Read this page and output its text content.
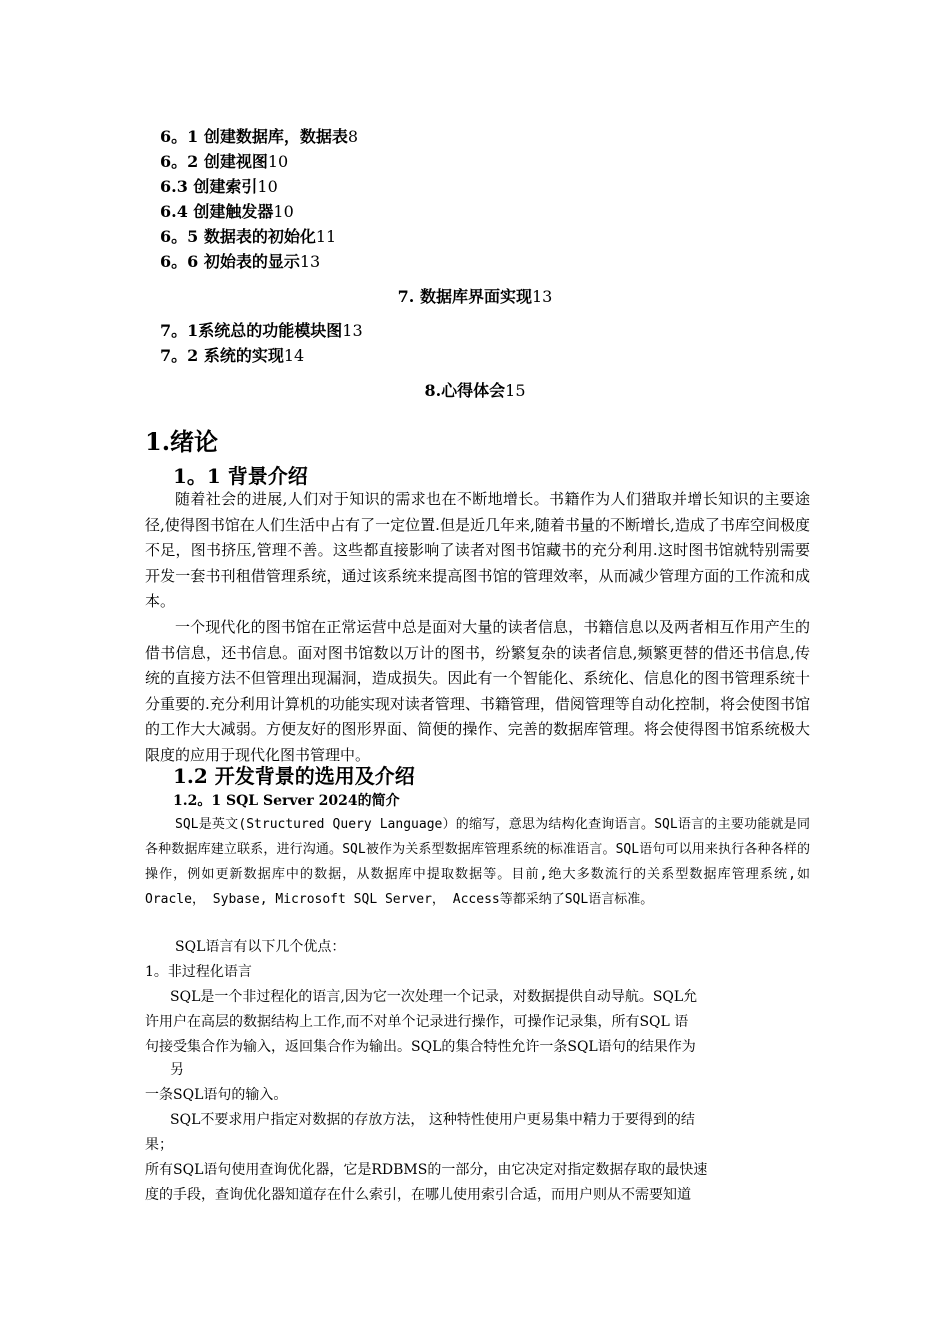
6。1 创建数据库，数据表8
6。2 创建视图10
6.3 创建索引10
6.4 创建触发器10
6。5 数据表的初始化11
6。6 初始表的显示13
7. 数据库界面实现13
7。1系统总的功能模块图13
7。2 系统的实现14
8.心得体会15
1.绪论
1。1 背景介绍
随着社会的进展,人们对于知识的需求也在不断地增长。书籍作为人们猎取并增长知识的主要途径,使得图书馆在人们生活中占有了一定位置.但是近几年来,随着书量的不断增长,造成了书库空间极度不足，图书挤压,管理不善。这些都直接影响了读者对图书馆藏书的充分利用.这时图书馆就特别需要开发一套书刊租借管理系统，通过该系统来提高图书馆的管理效率，从而减少管理方面的工作流和成本。
一个现代化的图书馆在正常运营中总是面对大量的读者信息，书籍信息以及两者相互作用产生的借书信息，还书信息。面对图书馆数以万计的图书，纷繁复杂的读者信息,频繁更替的借还书信息,传统的直接方法不但管理出现漏洞，造成损失。因此有一个智能化、系统化、信息化的图书管理系统十分重要的.充分利用计算机的功能实现对读者管理、书籍管理，借阅管理等自动化控制，将会使图书馆的工作大大减弱。方便友好的图形界面、简便的操作、完善的数据库管理。将会使得图书馆系统极大限度的应用于现代化图书管理中。
1.2 开发背景的选用及介绍
1.2。1 SQL Server 2024的简介
SQL是英文(Structured Query Language）的缩写，意思为结构化查询语言。SQL语言的主要功能就是同各种数据库建立联系，进行沟通。SQL被作为关系型数据库管理系统的标准语言。SQL语句可以用来执行各种各样的操作，例如更新数据库中的数据，从数据库中提取数据等。目前,绝大多数流行的关系型数据库管理系统,如Oracle， Sybase, Microsoft SQL Server， Access等都采纳了SQL语言标准。
SQL语言有以下几个优点：
1。非过程化语言
SQL是一个非过程化的语言,因为它一次处理一个记录，对数据提供自动导航。SQL允
许用户在高层的数据结构上工作,而不对单个记录进行操作，可操作记录集，所有SQL 语
句接受集合作为输入，返回集合作为输出。SQL的集合特性允许一条SQL语句的结果作为
另
一条SQL语句的输入。
SQL不要求用户指定对数据的存放方法， 这种特性使用户更易集中精力于要得到的结
果；
所有SQL语句使用查询优化器，它是RDBMS的一部分，由它决定对指定数据存取的最快速
度的手段，查询优化器知道存在什么索引，在哪儿使用索引合适，而用户则从不需要知道
